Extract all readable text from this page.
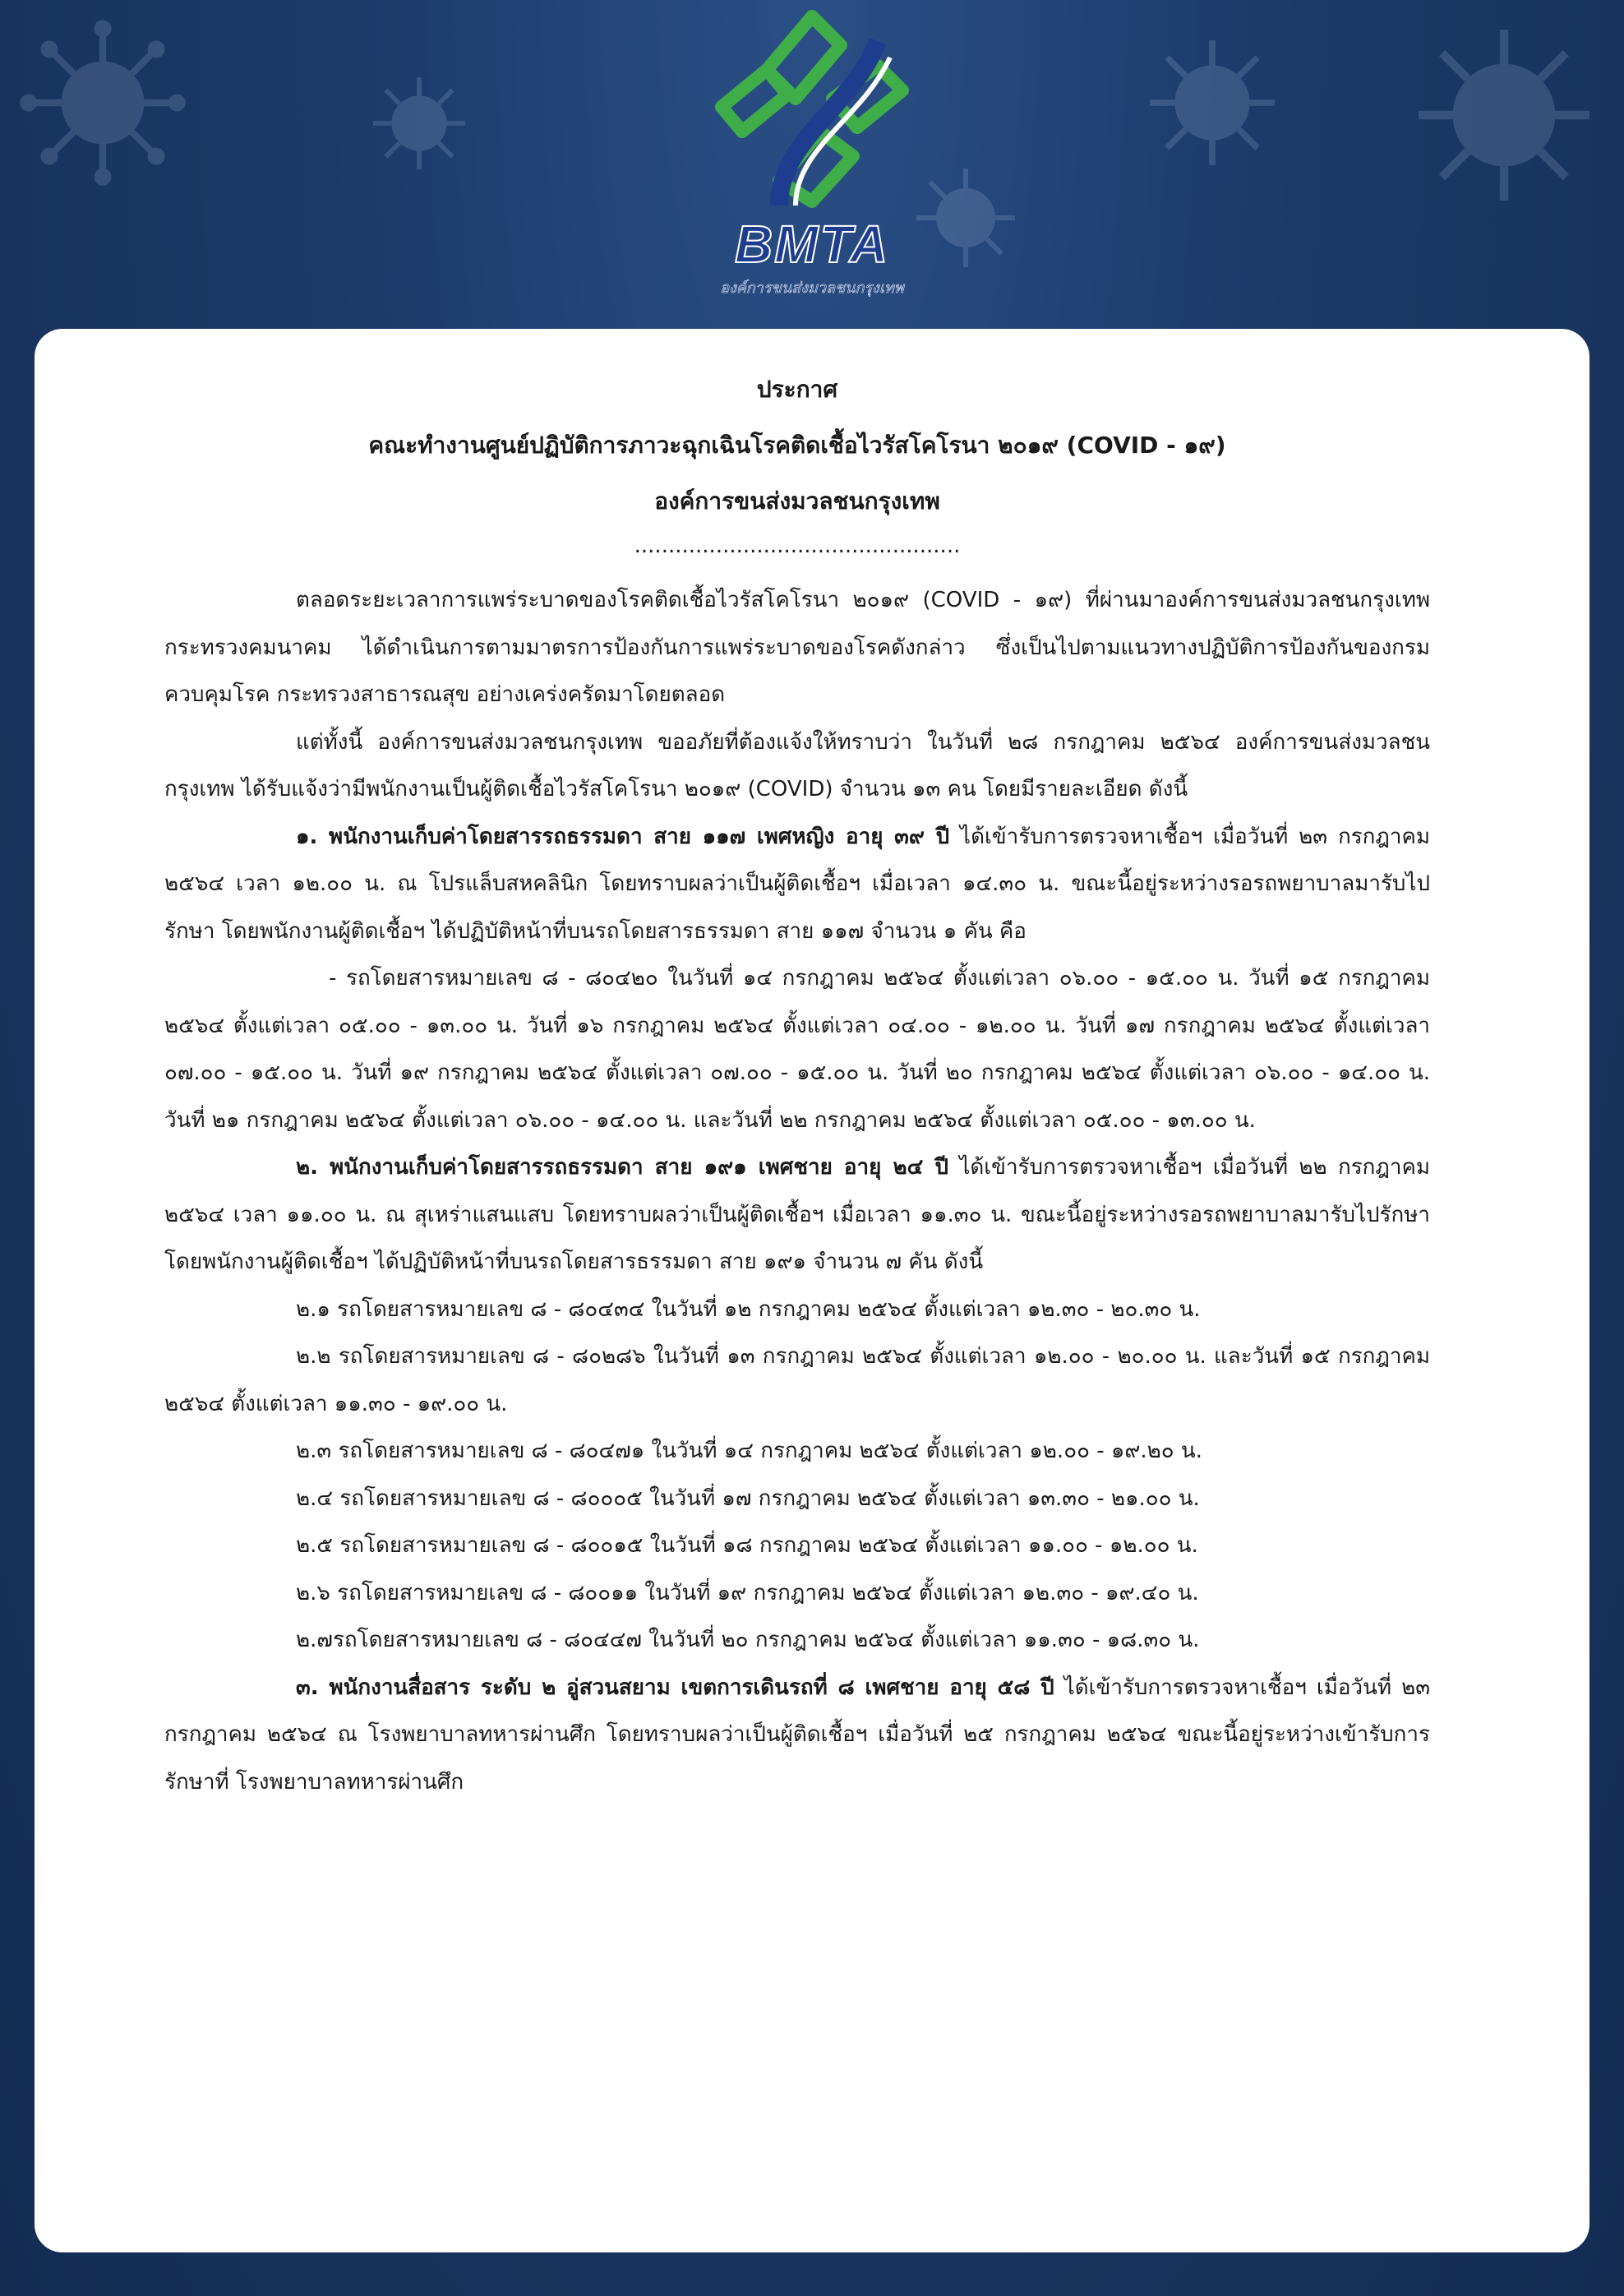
BMTA
องค์การขนส่งมวลชนกรุงเทพ
ประกาศ
คณะทำงานศูนย์ปฏิบัติการภาวะฉุกเฉินโรคติดเชื้อไวรัสโคโรนา ๒๐๑๙ (COVID - ๑๙)
องค์การขนส่งมวลชนกรุงเทพ
................................................

ตลอดระยะเวลาการแพร่ระบาดของโรคติดเชื้อไวรัสโคโรนา ๒๐๑๙ (COVID - ๑๙) ที่ผ่านมาองค์การขนส่งมวลชนกรุงเทพ กระทรวงคมนาคม ได้ดำเนินการตามมาตรการป้องกันการแพร่ระบาดของโรคดังกล่าว ซึ่งเป็นไปตามแนวทางปฏิบัติการป้องกันของกรมควบคุมโรค กระทรวงสาธารณสุข อย่างเคร่งครัดมาโดยตลอด

แต่ทั้งนี้ องค์การขนส่งมวลชนกรุงเทพ ขออภัยที่ต้องแจ้งให้ทราบว่า ในวันที่ ๒๘ กรกฎาคม ๒๕๖๔ องค์การขนส่งมวลชนกรุงเทพ ได้รับแจ้งว่ามีพนักงานเป็นผู้ติดเชื้อไวรัสโคโรนา ๒๐๑๙ (COVID) จำนวน ๑๓ คน โดยมีรายละเอียด ดังนี้

๑. พนักงานเก็บค่าโดยสารรถธรรมดา สาย ๑๑๗ เพศหญิง อายุ ๓๙ ปี ได้เข้ารับการตรวจหาเชื้อฯ เมื่อวันที่ ๒๓ กรกฎาคม ๒๕๖๔ เวลา ๑๒.๐๐ น. ณ โปรแล็บสหคลินิก โดยทราบผลว่าเป็นผู้ติดเชื้อฯ เมื่อเวลา ๑๔.๓๐ น. ขณะนี้อยู่ระหว่างรอรถพยาบาลมารับไปรักษา โดยพนักงานผู้ติดเชื้อฯ ได้ปฏิบัติหน้าที่บนรถโดยสารธรรมดา สาย ๑๑๗ จำนวน ๑ คัน คือ

- รถโดยสารหมายเลข ๘ - ๘๐๔๒๐ ในวันที่ ๑๔ กรกฎาคม ๒๕๖๔ ตั้งแต่เวลา ๐๖.๐๐ - ๑๕.๐๐ น. วันที่ ๑๕ กรกฎาคม ๒๕๖๔ ตั้งแต่เวลา ๐๕.๐๐ - ๑๓.๐๐ น. วันที่ ๑๖ กรกฎาคม ๒๕๖๔ ตั้งแต่เวลา ๐๔.๐๐ - ๑๒.๐๐ น. วันที่ ๑๗ กรกฎาคม ๒๕๖๔ ตั้งแต่เวลา ๐๗.๐๐ - ๑๕.๐๐ น. วันที่ ๑๙ กรกฎาคม ๒๕๖๔ ตั้งแต่เวลา ๐๗.๐๐ - ๑๕.๐๐ น. วันที่ ๒๐ กรกฎาคม ๒๕๖๔ ตั้งแต่เวลา ๐๖.๐๐ - ๑๔.๐๐ น. วันที่ ๒๑ กรกฎาคม ๒๕๖๔ ตั้งแต่เวลา ๐๖.๐๐ - ๑๔.๐๐ น. และวันที่ ๒๒ กรกฎาคม ๒๕๖๔ ตั้งแต่เวลา ๐๕.๐๐ - ๑๓.๐๐ น.

๒. พนักงานเก็บค่าโดยสารรถธรรมดา สาย ๑๙๑ เพศชาย อายุ ๒๔ ปี ได้เข้ารับการตรวจหาเชื้อฯ เมื่อวันที่ ๒๒ กรกฎาคม ๒๕๖๔ เวลา ๑๑.๐๐ น. ณ สุเหร่าแสนแสบ โดยทราบผลว่าเป็นผู้ติดเชื้อฯ เมื่อเวลา ๑๑.๓๐ น. ขณะนี้อยู่ระหว่างรอรถพยาบาลมารับไปรักษา โดยพนักงานผู้ติดเชื้อฯ ได้ปฏิบัติหน้าที่บนรถโดยสารธรรมดา สาย ๑๙๑ จำนวน ๗ คัน ดังนี้

๒.๑ รถโดยสารหมายเลข ๘ - ๘๐๔๓๔ ในวันที่ ๑๒ กรกฎาคม ๒๕๖๔ ตั้งแต่เวลา ๑๒.๓๐ - ๒๐.๓๐ น.

๒.๒ รถโดยสารหมายเลข ๘ - ๘๐๒๘๖ ในวันที่ ๑๓ กรกฎาคม ๒๕๖๔ ตั้งแต่เวลา ๑๒.๐๐ - ๒๐.๐๐ น. และวันที่ ๑๕ กรกฎาคม ๒๕๖๔ ตั้งแต่เวลา ๑๑.๓๐ - ๑๙.๐๐ น.

๒.๓ รถโดยสารหมายเลข ๘ - ๘๐๔๗๑ ในวันที่ ๑๔ กรกฎาคม ๒๕๖๔ ตั้งแต่เวลา ๑๒.๐๐ - ๑๙.๒๐ น.

๒.๔ รถโดยสารหมายเลข ๘ - ๘๐๐๐๕ ในวันที่ ๑๗ กรกฎาคม ๒๕๖๔ ตั้งแต่เวลา ๑๓.๓๐ - ๒๑.๐๐ น.

๒.๕ รถโดยสารหมายเลข ๘ - ๘๐๐๑๕ ในวันที่ ๑๘ กรกฎาคม ๒๕๖๔ ตั้งแต่เวลา ๑๑.๐๐ - ๑๒.๐๐ น.

๒.๖ รถโดยสารหมายเลข ๘ - ๘๐๐๑๑ ในวันที่ ๑๙ กรกฎาคม ๒๕๖๔ ตั้งแต่เวลา ๑๒.๓๐ - ๑๙.๔๐ น.

๒.๗รถโดยสารหมายเลข ๘ - ๘๐๔๔๗ ในวันที่ ๒๐ กรกฎาคม ๒๕๖๔ ตั้งแต่เวลา ๑๑.๓๐ - ๑๘.๓๐ น.

๓. พนักงานสื่อสาร ระดับ ๒ อู่สวนสยาม เขตการเดินรถที่ ๘ เพศชาย อายุ ๕๘ ปี ได้เข้ารับการตรวจหาเชื้อฯ เมื่อวันที่ ๒๓ กรกฎาคม ๒๕๖๔ ณ โรงพยาบาลทหารผ่านศึก โดยทราบผลว่าเป็นผู้ติดเชื้อฯ เมื่อวันที่ ๒๕ กรกฎาคม ๒๕๖๔ ขณะนี้อยู่ระหว่างเข้ารับการรักษาที่ โรงพยาบาลทหารผ่านศึก
